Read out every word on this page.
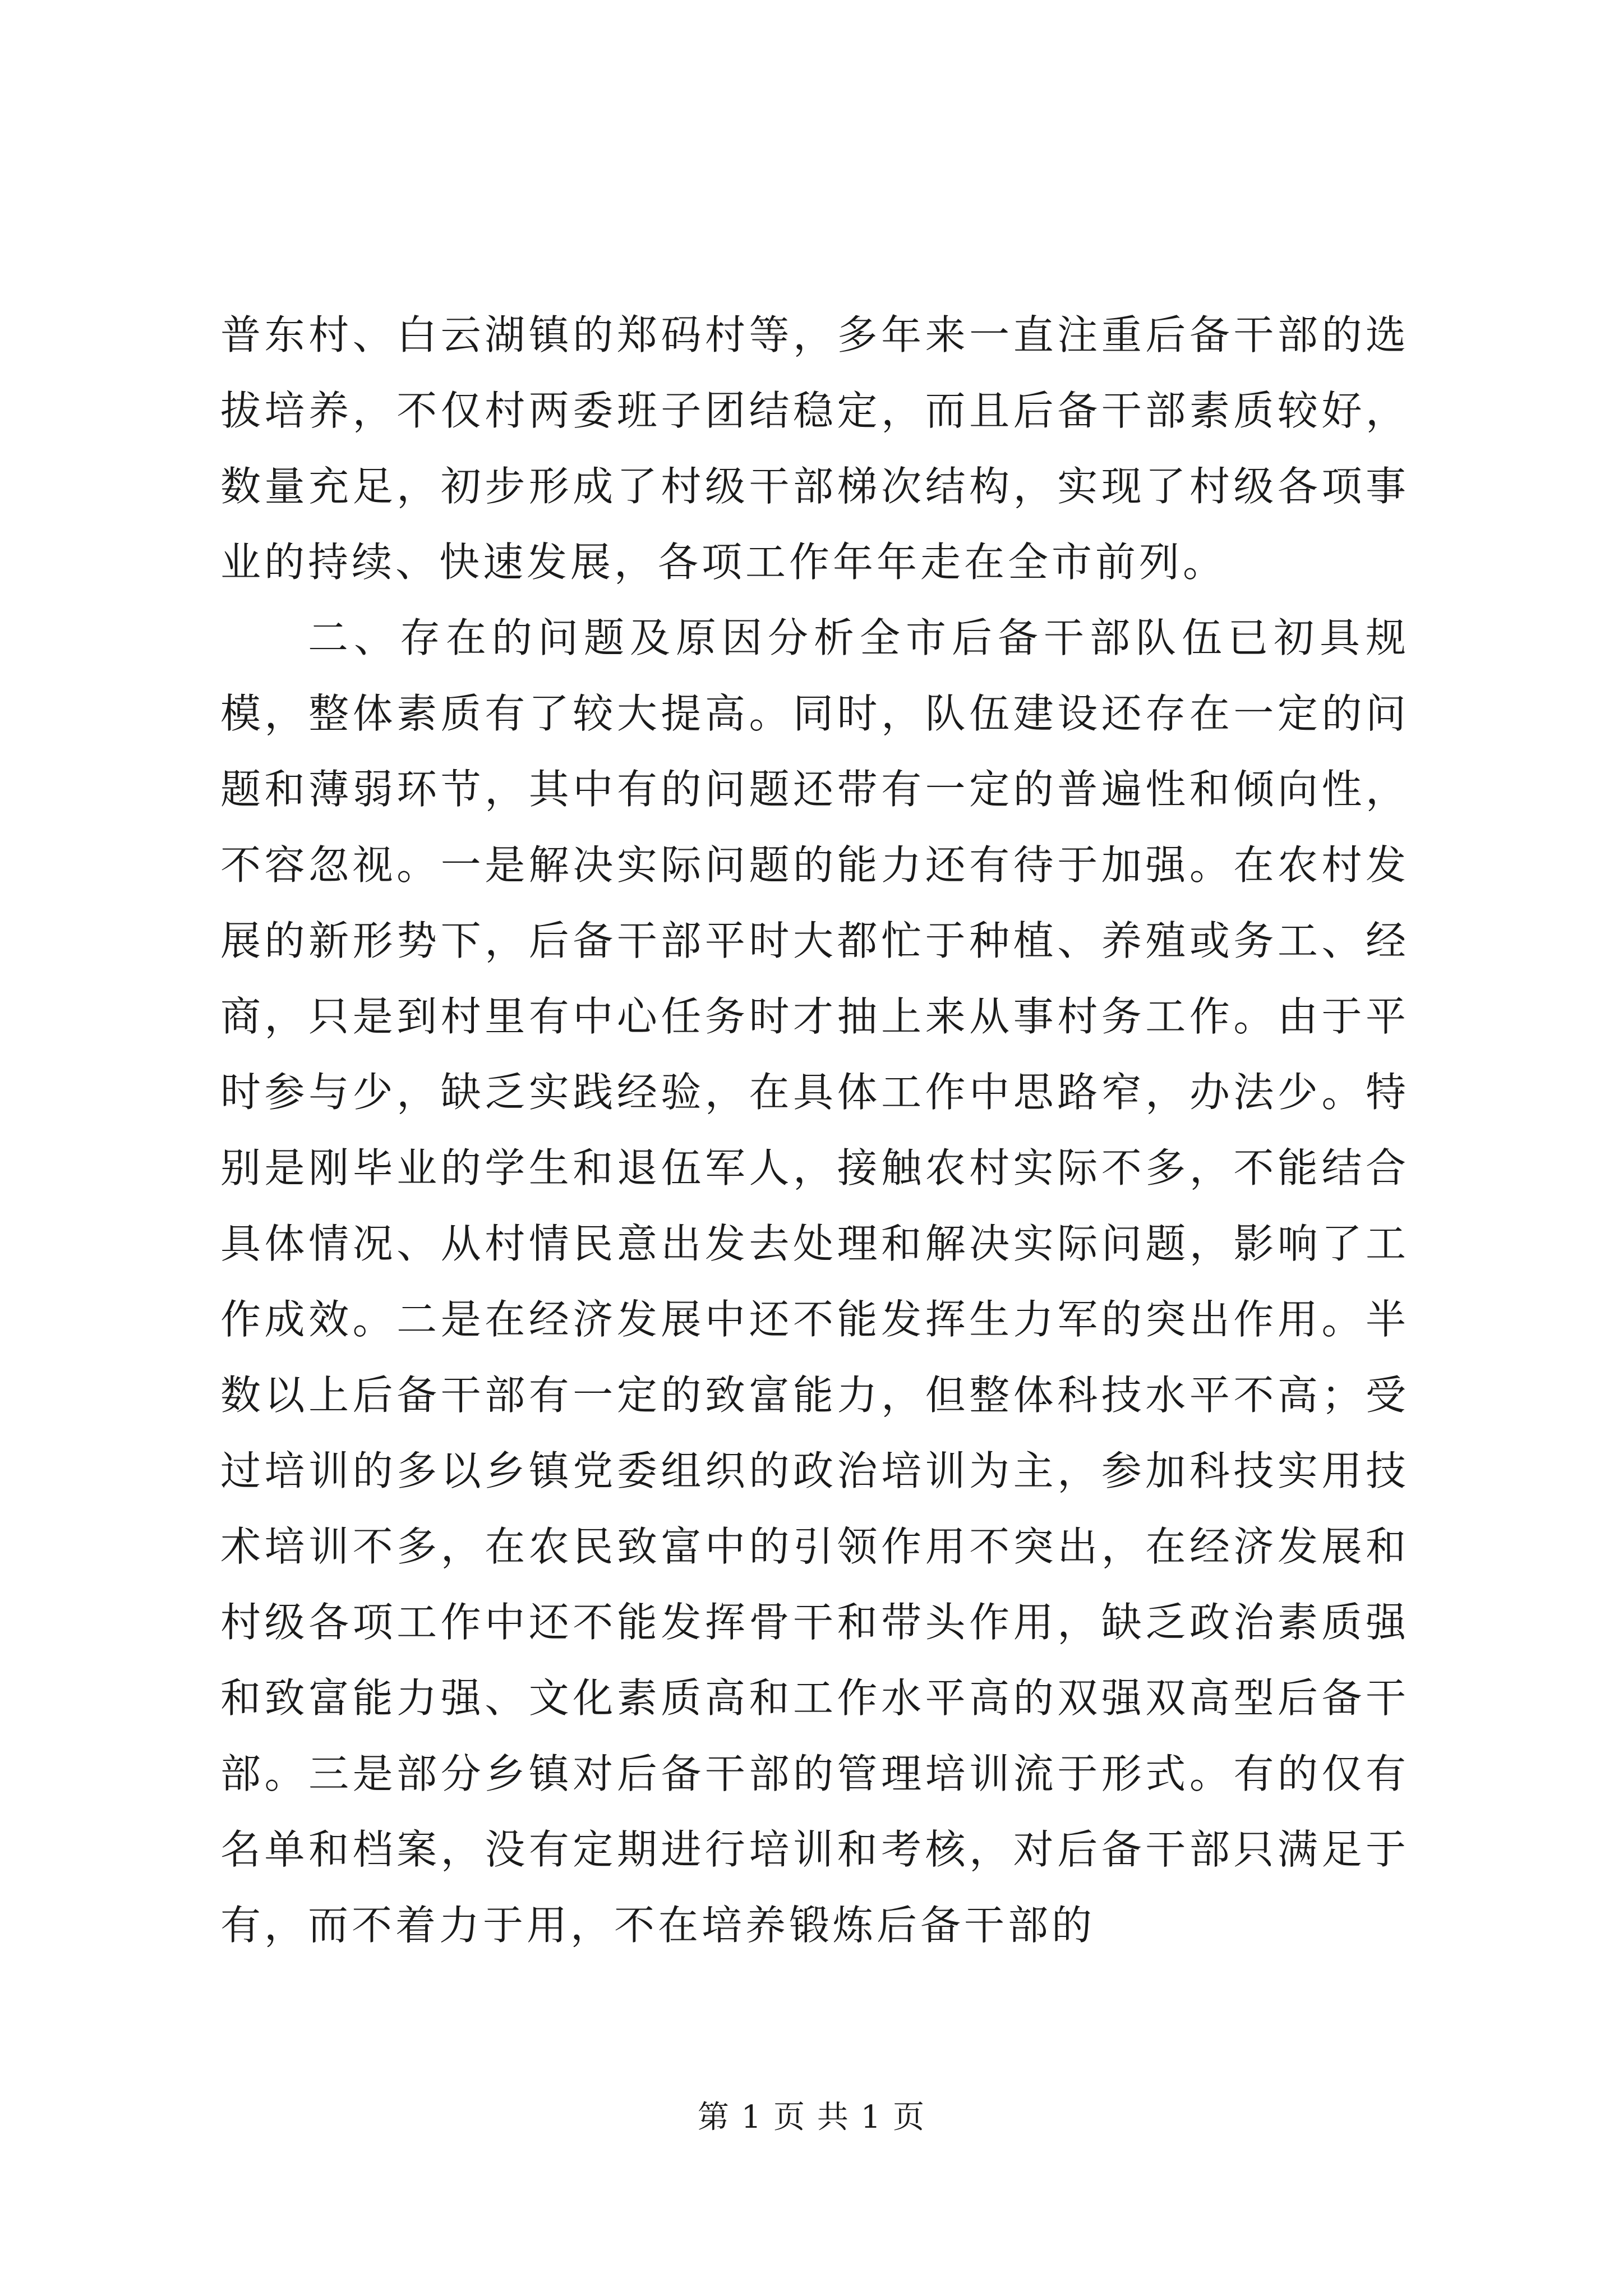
普东村、白云湖镇的郑码村等，多年来一直注重后备干部的选拔培养，不仅村两委班子团结稳定，而且后备干部素质较好，数量充足，初步形成了村级干部梯次结构，实现了村级各项事业的持续、快速发展，各项工作年年走在全市前列。

二、存在的问题及原因分析全市后备干部队伍已初具规模，整体素质有了较大提高。同时，队伍建设还存在一定的问题和薄弱环节，其中有的问题还带有一定的普遍性和倾向性，不容忽视。一是解决实际问题的能力还有待于加强。在农村发展的新形势下，后备干部平时大都忙于种植、养殖或务工、经商，只是到村里有中心任务时才抽上来从事村务工作。由于平时参与少，缺乏实践经验，在具体工作中思路窄，办法少。特别是刚毕业的学生和退伍军人，接触农村实际不多，不能结合具体情况、从村情民意出发去处理和解决实际问题，影响了工作成效。二是在经济发展中还不能发挥生力军的突出作用。半数以上后备干部有一定的致富能力，但整体科技水平不高；受过培训的多以乡镇党委组织的政治培训为主，参加科技实用技术培训不多，在农民致富中的引领作用不突出，在经济发展和村级各项工作中还不能发挥骨干和带头作用，缺乏政治素质强和致富能力强、文化素质高和工作水平高的双强双高型后备干部。三是部分乡镇对后备干部的管理培训流于形式。有的仅有名单和档案，没有定期进行培训和考核，对后备干部只满足于有，而不着力于用，不在培养锻炼后备干部的

第 1 页 共 1 页
